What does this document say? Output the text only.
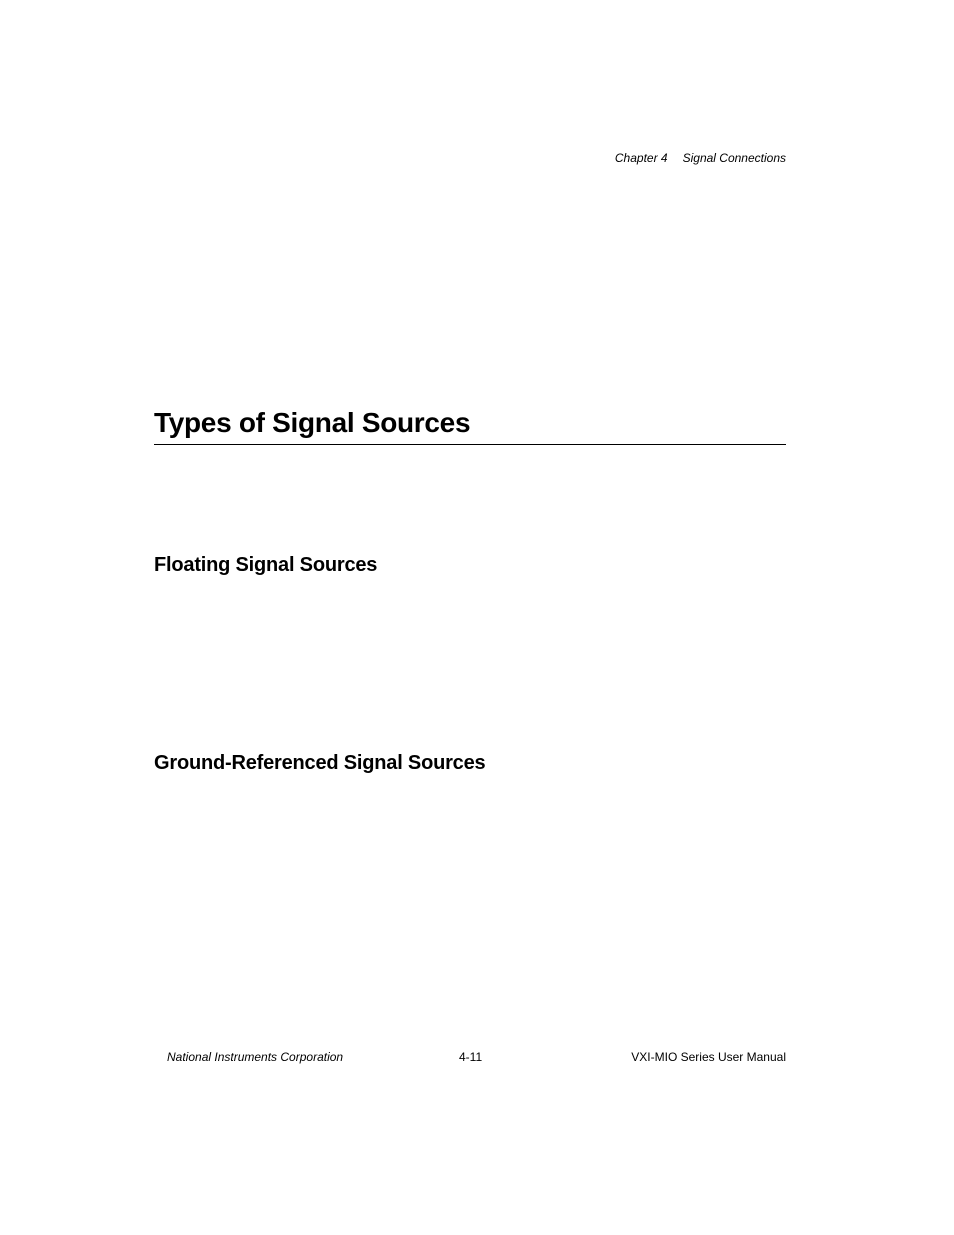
Chapter 4 Signal Connections
Types of Signal Sources
Floating Signal Sources
Ground-Referenced Signal Sources
National Instruments Corporation	4-11	VXI-MIO Series User Manual
